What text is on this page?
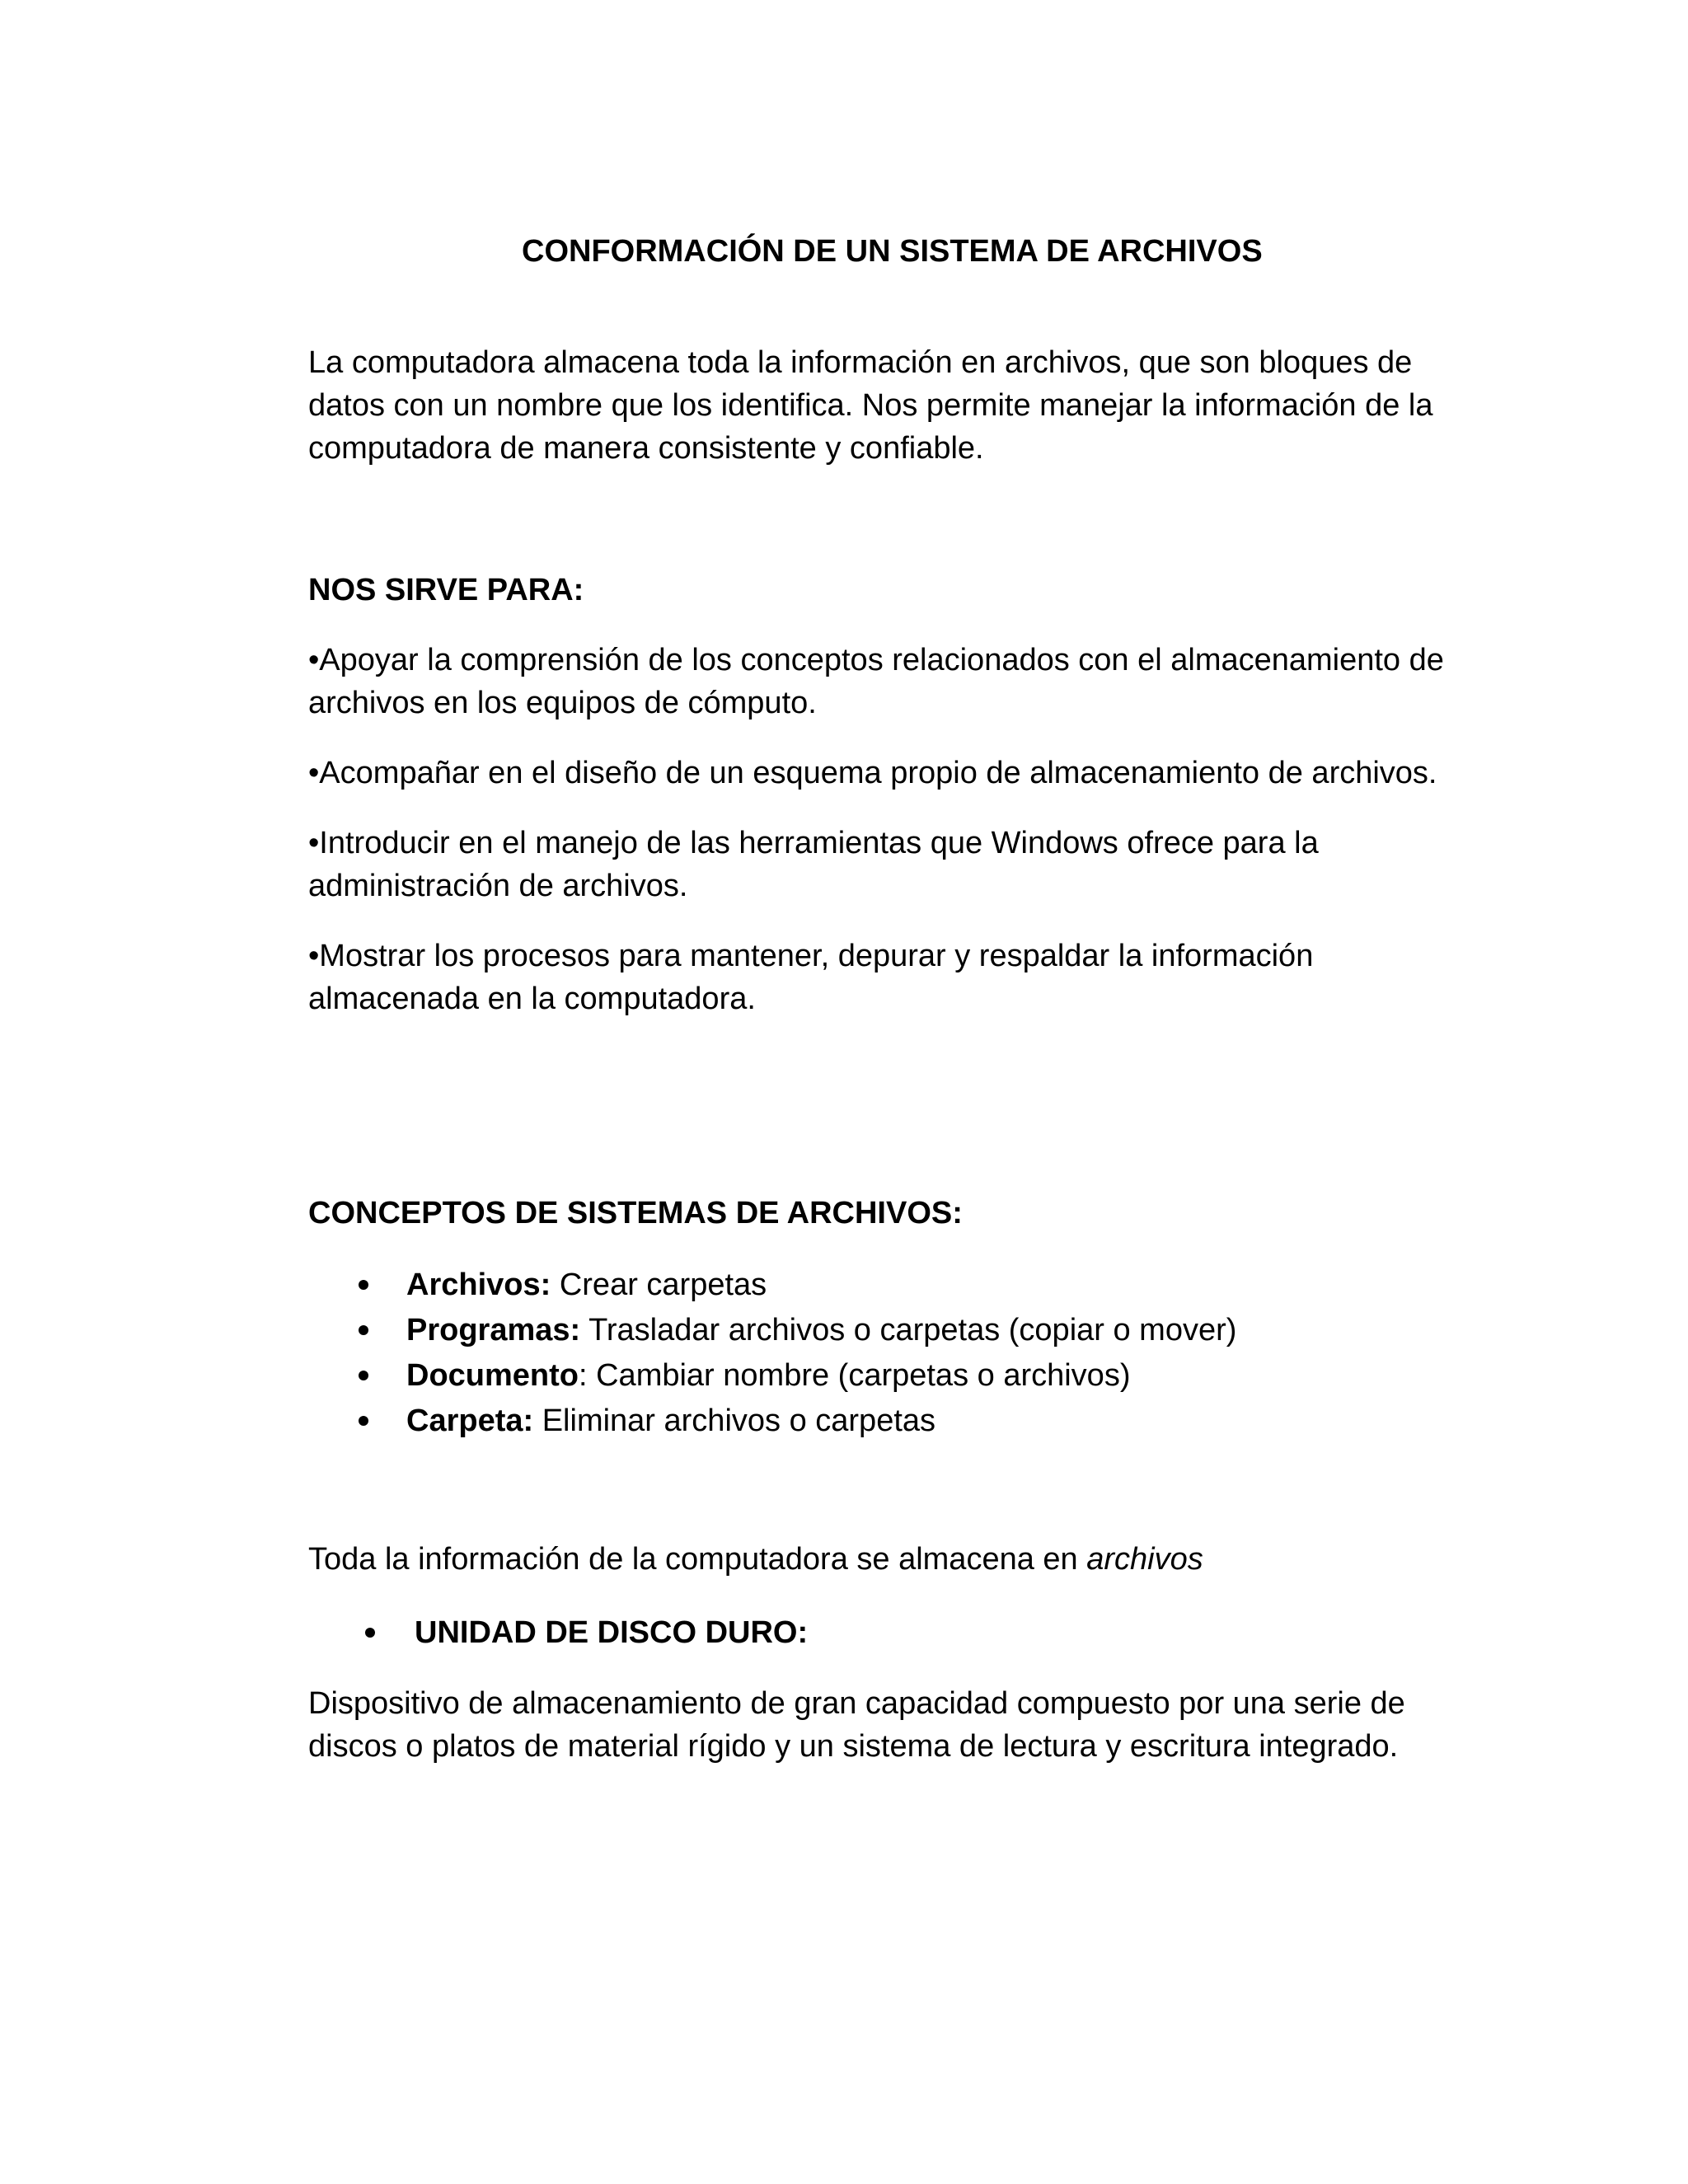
CONFORMACIÓN DE UN SISTEMA DE ARCHIVOS

La computadora almacena toda la información en archivos, que son bloques de

datos con un nombre que los identifica. Nos permite manejar la información de la

computadora de manera consistente y confiable.

NOS SIRVE PARA:

•Apoyar la comprensión de los conceptos relacionados con el almacenamiento de

archivos en los equipos de cómputo.

•Acompañar en el diseño de un esquema propio de almacenamiento de archivos.

•Introducir en el manejo de las herramientas que Windows ofrece para la

administración de archivos.

•Mostrar los procesos para mantener, depurar y respaldar la información

almacenada en la computadora.

CONCEPTOS DE SISTEMAS DE ARCHIVOS:

Archivos: Crear carpetas

Programas: Trasladar archivos o carpetas (copiar o mover)

Documento: Cambiar nombre (carpetas o archivos)

Carpeta: Eliminar archivos o carpetas

Toda la información de la computadora se almacena en archivos

UNIDAD DE DISCO DURO:

Dispositivo de almacenamiento de gran capacidad compuesto por una serie de

discos o platos de material rígido y un sistema de lectura y escritura integrado.
